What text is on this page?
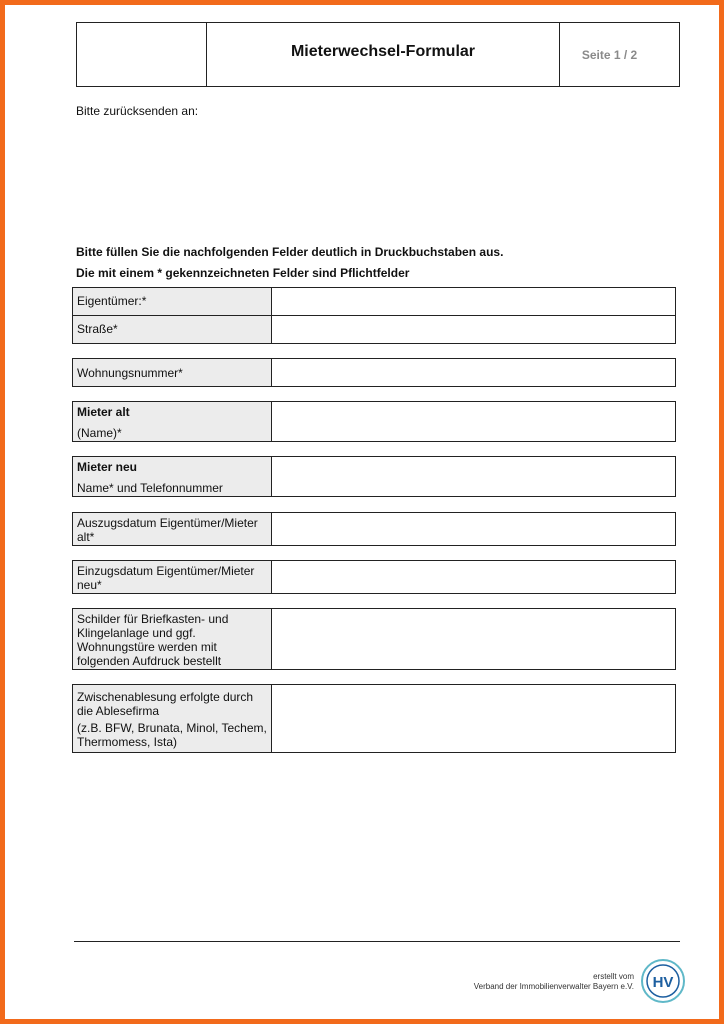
Mieterwechsel-Formular	Seite 1 / 2
Bitte zurücksenden an:
Bitte füllen Sie die nachfolgenden Felder deutlich in Druckbuchstaben aus.
Die mit einem * gekennzeichneten Felder sind Pflichtfelder
Eigentümer:*
Straße*
Wohnungsnummer*
Mieter alt
(Name)*
Mieter neu
Name* und Telefonnummer
Auszugsdatum Eigentümer/Mieter alt*
Einzugsdatum Eigentümer/Mieter neu*
Schilder für Briefkasten- und Klingelanlage und ggf. Wohnungstüre werden mit folgenden Aufdruck bestellt
Zwischenablesung erfolgte durch die Ablesefirma
(z.B. BFW, Brunata, Minol, Techem, Thermomess, Ista)
erstellt vom
Verband der Immobilienverwalter Bayern e.V. HV
